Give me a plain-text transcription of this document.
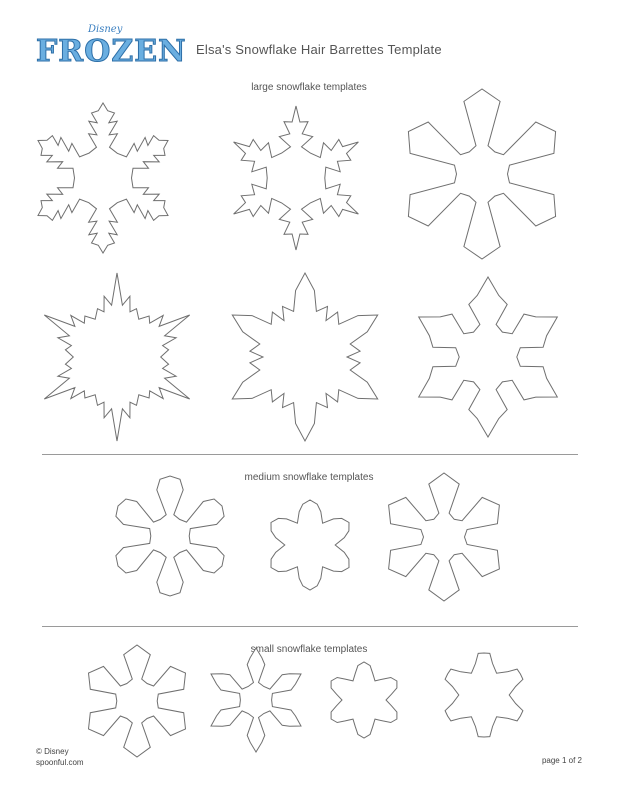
Disney
FROZEN Elsa's Snowflake Hair Barrettes Template
large snowflake templates
medium snowflake templates
small snowflake templates
© Disney
spoonful.com	page 1 of 2
